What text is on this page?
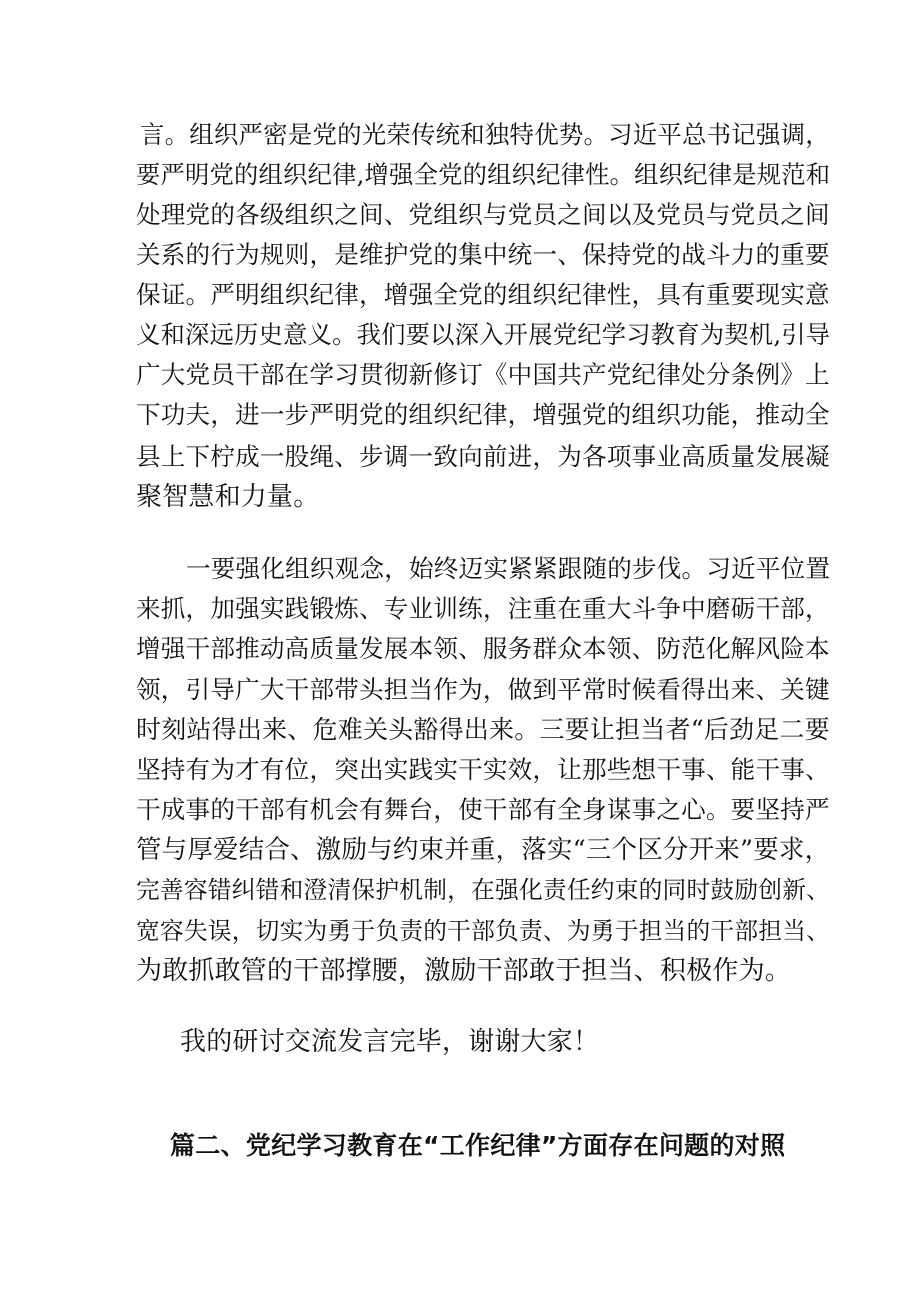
言。组织严密是党的光荣传统和独特优势。习近平总书记强调，
要严明党的组织纪律,增强全党的组织纪律性。组织纪律是规范和
处理党的各级组织之间、党组织与党员之间以及党员与党员之间
关系的行为规则，是维护党的集中统一、保持党的战斗力的重要
保证。严明组织纪律，增强全党的组织纪律性，具有重要现实意
义和深远历史意义。我们要以深入开展党纪学习教育为契机,引导
广大党员干部在学习贯彻新修订《中国共产党纪律处分条例》上
下功夫，进一步严明党的组织纪律，增强党的组织功能，推动全
县上下柠成一股绳、步调一致向前进，为各项事业高质量发展凝
聚智慧和力量。
一要强化组织观念，始终迈实紧紧跟随的步伐。习近平位置
来抓，加强实践锻炼、专业训练，注重在重大斗争中磨砺干部，
增强干部推动高质量发展本领、服务群众本领、防范化解风险本
领，引导广大干部带头担当作为，做到平常时候看得出来、关键
时刻站得出来、危难关头豁得出来。三要让担当者“后劲足二要
坚持有为才有位，突出实践实干实效，让那些想干事、能干事、
干成事的干部有机会有舞台，使干部有全身谋事之心。要坚持严
管与厚爱结合、激励与约束并重，落实“三个区分开来”要求，
完善容错纠错和澄清保护机制，在强化责任约束的同时鼓励创新、
宽容失误，切实为勇于负责的干部负责、为勇于担当的干部担当、
为敢抓敢管的干部撑腰，激励干部敢于担当、积极作为。
我的研讨交流发言完毕，谢谢大家！
篇二、党纪学习教育在“工作纪律”方面存在问题的对照
